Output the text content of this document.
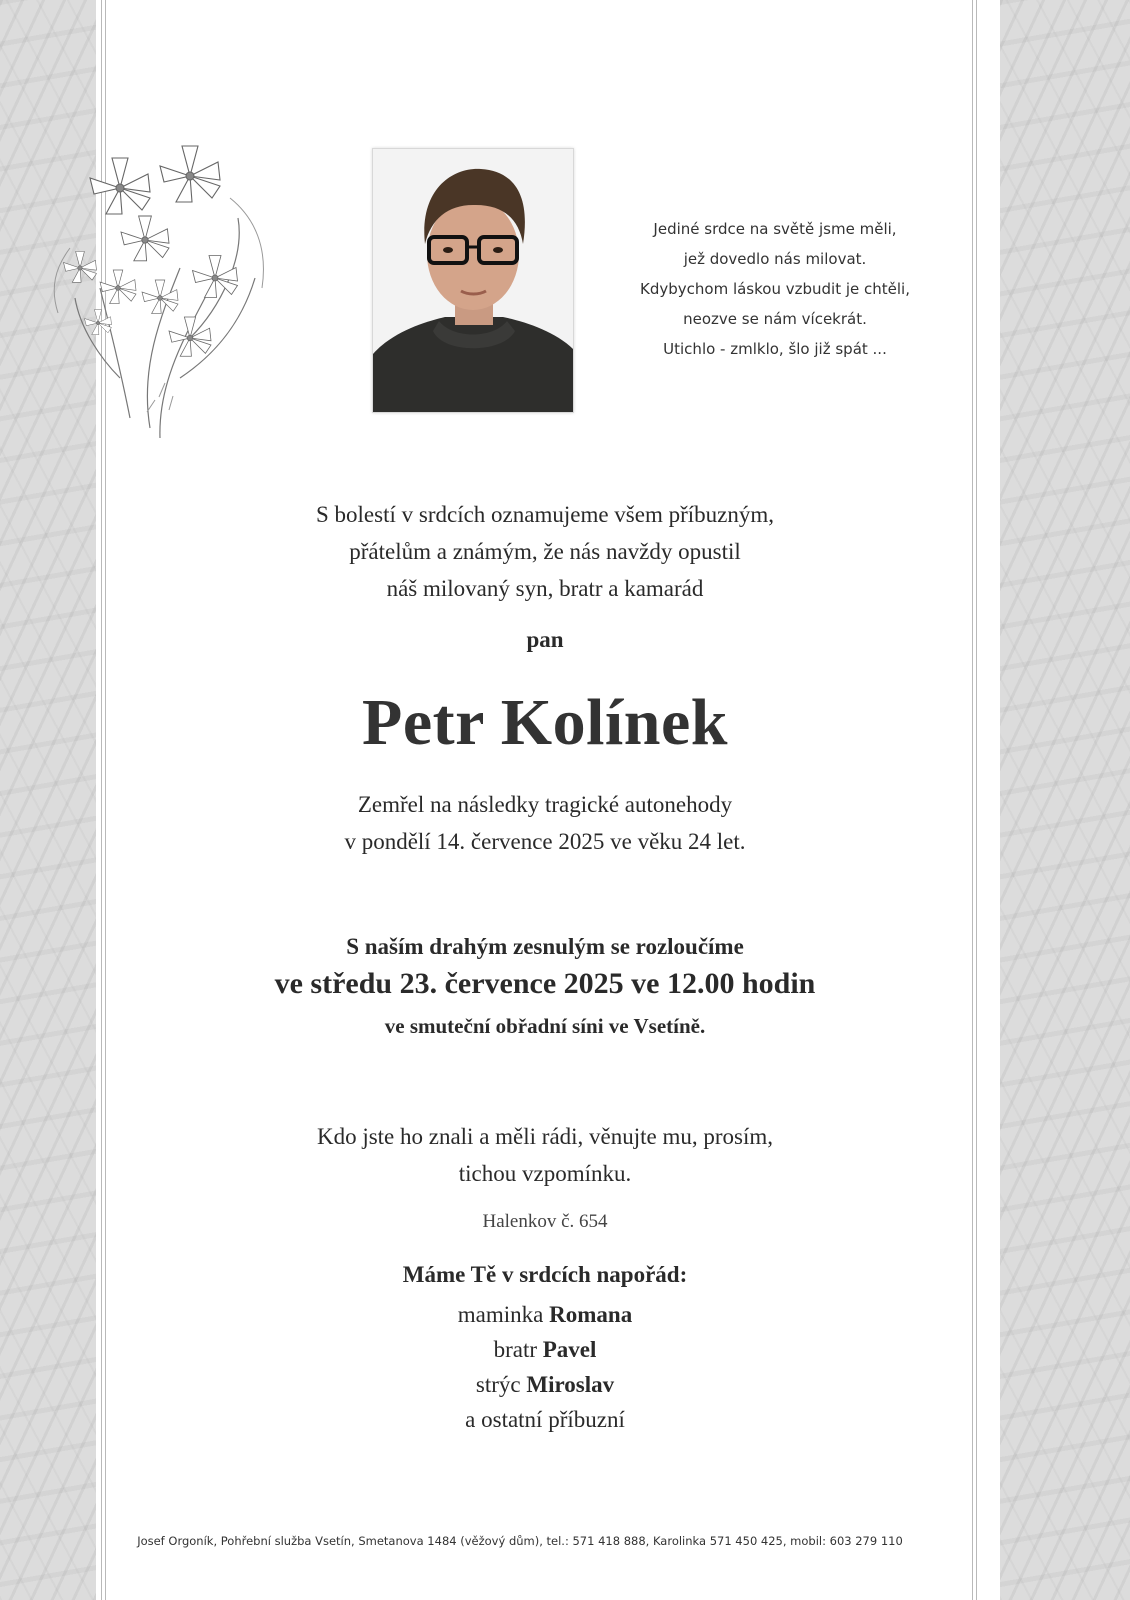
Jediné srdce na světě jsme měli,
jež dovedlo nás milovat.
Kdybychom láskou vzbudit je chtěli,
neozve se nám vícekrát.
Utichlo - zmlklo, šlo již spát ...
S bolestí v srdcích oznamujeme všem příbuzným,
přátelům a známým, že nás navždy opustil
náš milovaný syn, bratr a kamarád
pan
Petr Kolínek
Zemřel na následky tragické autonehody
v pondělí 14. července 2025 ve věku 24 let.
S naším drahým zesnulým se rozloučíme
ve středu 23. července 2025 ve 12.00 hodin
ve smuteční obřadní síni ve Vsetíně.
Kdo jste ho znali a měli rádi, věnujte mu, prosím,
tichou vzpomínku.
Halenkov č. 654
Máme Tě v srdcích napořád:
maminka Romana
bratr Pavel
strýc Miroslav
a ostatní příbuzní
Josef Orgoník, Pohřební služba Vsetín, Smetanova 1484 (věžový dům), tel.: 571 418 888, Karolinka 571 450 425, mobil: 603 279 110
